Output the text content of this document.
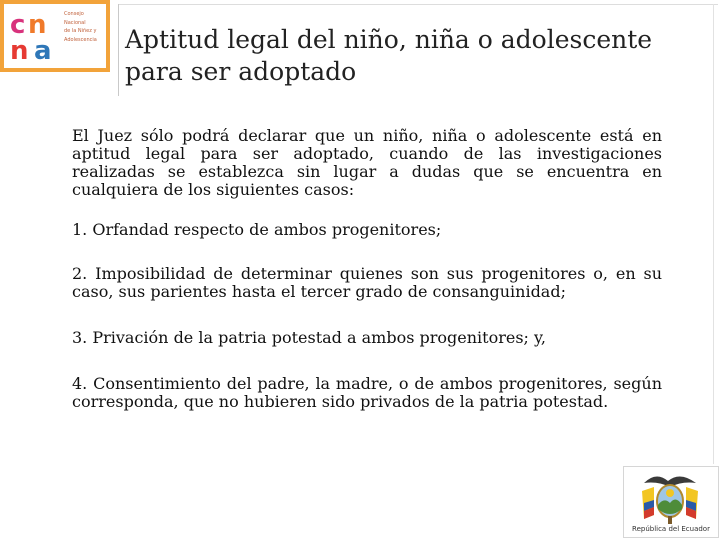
c n
n a
Consejo
Nacional
de la Niñez y
Adolescencia	Aptitud legal del niño, niña o adolescente
para ser adoptado

El Juez sólo podrá declarar que un niño, niña o adolescente está en aptitud legal para ser adoptado, cuando de las investigaciones realizadas se establezca sin lugar a dudas que se encuentra en cualquiera de los siguientes casos:

1. Orfandad respecto de ambos progenitores;

2. Imposibilidad de determinar quienes son sus progenitores o, en su caso, sus parientes hasta el tercer grado de consanguinidad;

3. Privación de la patria potestad a ambos progenitores; y,

4. Consentimiento del padre, la madre, o de ambos progenitores, según corresponda, que no hubieren sido privados de la patria potestad.

República del Ecuador
